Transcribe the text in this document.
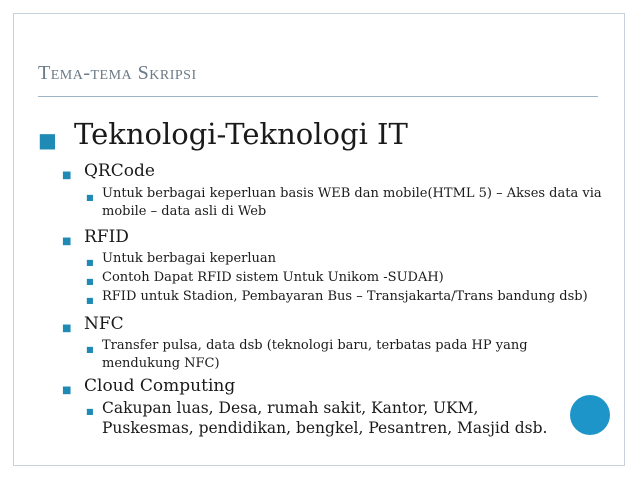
Tema-tema Skripsi
■ Teknologi-Teknologi IT
■ QRCode
■ Untuk berbagai keperluan basis WEB dan mobile(HTML 5) – Akses data via mobile – data asli di Web
■ RFID
■ Untuk berbagai keperluan
■ Contoh Dapat RFID sistem Untuk Unikom -SUDAH)
■ RFID untuk Stadion, Pembayaran Bus – Transjakarta/Trans bandung dsb)
■ NFC
■ Transfer pulsa, data dsb (teknologi baru, terbatas pada HP yang mendukung NFC)
■ Cloud Computing
■ Cakupan luas, Desa, rumah sakit, Kantor, UKM, Puskesmas, pendidikan, bengkel, Pesantren, Masjid dsb.
